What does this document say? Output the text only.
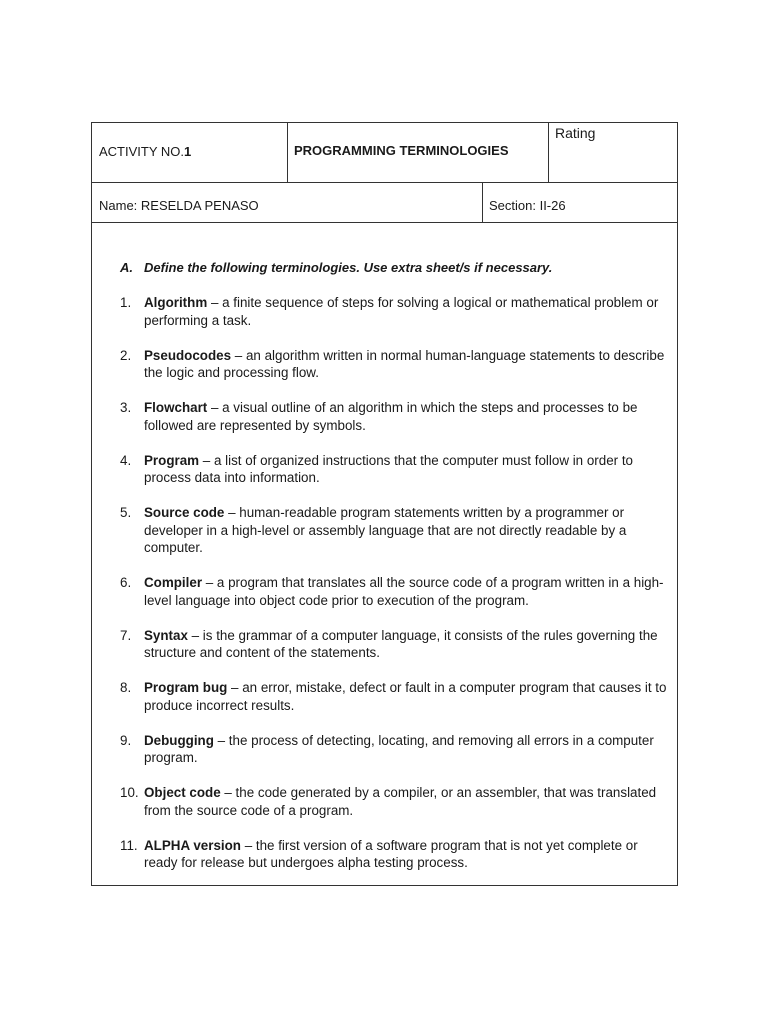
ACTIVITY NO.1	PROGRAMMING TERMINOLOGIES
Rating
Name: RESELDA PENASO	Section: II-26
A. Define the following terminologies. Use extra sheet/s if necessary.
1. Algorithm – a finite sequence of steps for solving a logical or mathematical problem or performing a task.
2. Pseudocodes – an algorithm written in normal human-language statements to describe the logic and processing flow.
3. Flowchart – a visual outline of an algorithm in which the steps and processes to be followed are represented by symbols.
4. Program – a list of organized instructions that the computer must follow in order to process data into information.
5. Source code – human-readable program statements written by a programmer or developer in a high-level or assembly language that are not directly readable by a computer.
6. Compiler – a program that translates all the source code of a program written in a high-level language into object code prior to execution of the program.
7. Syntax – is the grammar of a computer language, it consists of the rules governing the structure and content of the statements.
8. Program bug – an error, mistake, defect or fault in a computer program that causes it to produce incorrect results.
9. Debugging – the process of detecting, locating, and removing all errors in a computer program.
10. Object code – the code generated by a compiler, or an assembler, that was translated from the source code of a program.
11. ALPHA version – the first version of a software program that is not yet complete or ready for release but undergoes alpha testing process.
